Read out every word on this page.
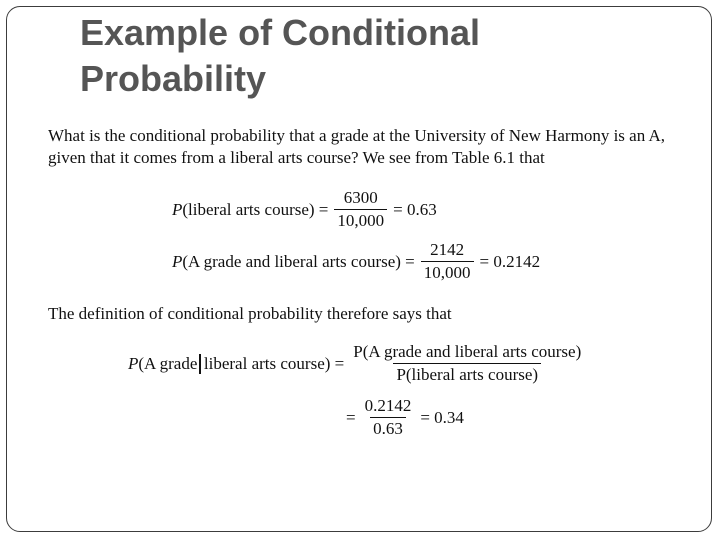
Example of Conditional Probability
What is the conditional probability that a grade at the University of New Harmony is an A,
given that it comes from a liberal arts course? We see from Table 6.1 that
P (liberal arts course) = $\frac{6300}{10,000} = 0.63$
P (A grade and liberal arts course) = $\frac{2142}{10,000} = 0.2142$
The definition of conditional probability therefore says that
P (A grade liberal arts course) = $\frac{\text{P(A grade and liberal arts course)}}{\text{P(liberal arts course)}}$
= $\frac{0.2142}{0.63} = 0.34$
